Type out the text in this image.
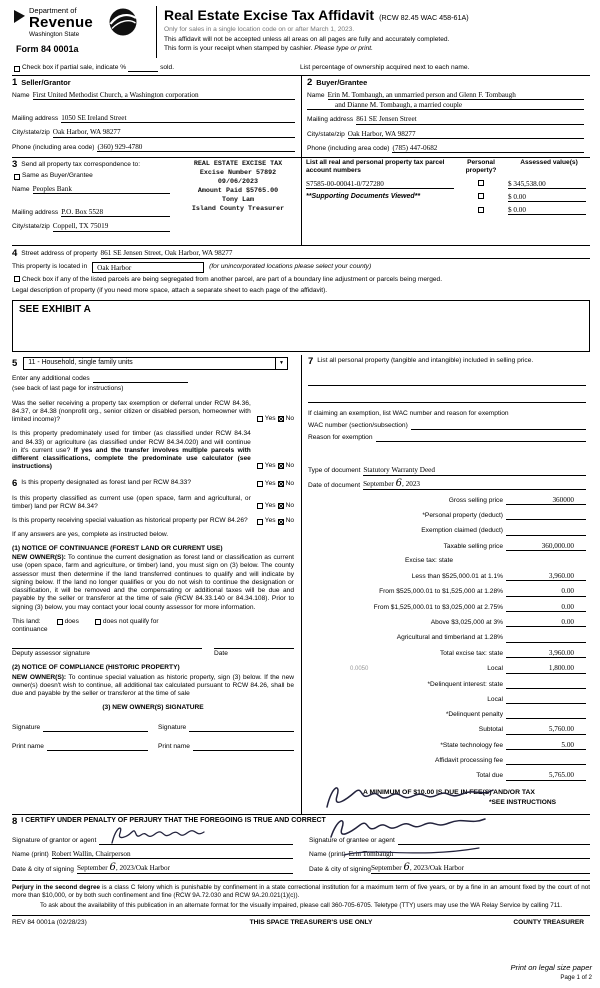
Department of
Revenue
Washington State
Form 84 0001a
Real Estate Excise Tax Affidavit (RCW 82.45 WAC 458-61A)
Only for sales in a single location code on or after March 1, 2023.
This affidavit will not be accepted unless all areas on all pages are fully and accurately completed.
This form is your receipt when stamped by cashier. Please type or print.
Check box if partial sale, indicate %	sold.	List percentage of ownership acquired next to each name.
1 Seller/Grantor
Name First United Methodist Church, a Washington corporation
Mailing address 1050 SE Ireland Street
City/state/zip Oak Harbor, WA 98277
Phone (including area code) (360) 929-4780
2 Buyer/Grantee
Name Erin M. Tombaugh, an unmarried person and Glenn F. Tombaugh
and Dianne M. Tombaugh, a married couple
Mailing address 861 SE Jensen Street
City/state/zip Oak Harbor, WA 98277
Phone (including area code) (785) 447-0682
3 Send all property tax correspondence to:
Same as Buyer/Grantee
Name Peoples Bank
Mailing address P.O. Box 5528
City/state/zip Coppell, TX 75019
REAL ESTATE EXCISE TAX
Excise Number 57892
09/06/2023
Amount Paid $5765.00
Tony Lam
Island County Treasurer
List all real and personal property tax parcel account numbers
Personal property?
Assessed value(s)
S7585-00-00041-0/727280	$ 345,538.00
**Supporting Documents Viewed**	$ 0.00
$ 0.00
4 Street address of property 861 SE Jensen Street, Oak Harbor, WA 98277
This property is located in	Oak Harbor	(for unincorporated locations please select your county)
Check box if any of the listed parcels are being segregated from another parcel, are part of a boundary line adjustment or parcels being merged.
Legal description of property (if you need more space, attach a separate sheet to each page of the affidavit).
SEE EXHIBIT A
5	11 - Household, single family units	▼
Enter any additional codes
(see back of last page for instructions)
Was the seller receiving a property tax exemption or deferral under RCW 84.36, 84.37, or 84.38 (nonprofit org., senior citizen or disabled person, homeowner with limited income)?	Yes No
Is this property predominately used for timber (as classified under RCW 84.34 and 84.33) or agriculture (as classified under RCW 84.34.020) and will continue in it's current use? If yes and the transfer involves multiple parcels with different classifications, complete the predominate use calculator (see instructions)	Yes No
6 Is this property designated as forest land per RCW 84.33?	Yes No
Is this property classified as current use (open space, farm and agricultural, or timber) land per RCW 84.34?	Yes No
Is this property receiving special valuation as historical property per RCW 84.26?	Yes No
If any answers are yes, complete as instructed below.
(1) NOTICE OF CONTINUANCE (FOREST LAND OR CURRENT USE)
NEW OWNER(S): To continue the current designation as forest land or classification as current use (open space, farm and agriculture, or timber) land, you must sign on (3) below. The county assessor must then determine if the land transferred continues to qualify and will indicate by signing below. If the land no longer qualifies or you do not wish to continue the designation or classification, it will be removed and the compensating or additional taxes will be due and payable by the seller or transferor at the time of sale (RCW 84.33.140 or 84.34.108). Prior to signing (3) below, you may contact your local county assessor for more information.
This land:	does	does not qualify for
continuance
Deputy assessor signature	Date
(2) NOTICE OF COMPLIANCE (HISTORIC PROPERTY)
NEW OWNER(S): To continue special valuation as historic property, sign (3) below. If the new owner(s) doesn't wish to continue, all additional tax calculated pursuant to RCW 84.26, shall be due and payable by the seller or transferor at the time of sale
(3) NEW OWNER(S) SIGNATURE
Signature	Signature
Print name	Print name
7 List all personal property (tangible and intangible) included in selling price.
If claiming an exemption, list WAC number and reason for exemption
WAC number (section/subsection)
Reason for exemption
Type of document Statutory Warranty Deed
Date of document September 6, 2023
Gross selling price	360000
*Personal property (deduct)
Exemption claimed (deduct)
Taxable selling price	360,000.00
Excise tax: state
Less than $525,000.01 at 1.1%	3,960.00
From $525,000.01 to $1,525,000 at 1.28%	0.00
From $1,525,000.01 to $3,025,000 at 2.75%	0.00
Above $3,025,000 at 3%	0.00
Agricultural and timberland at 1.28%
Total excise tax: state	3,960.00
0.0050	Local	1,800.00
*Delinquent interest: state
Local
*Delinquent penalty
Subtotal	5,760.00
*State technology fee	5.00
Affidavit processing fee
Total due	5,765.00
A MINIMUM OF $10.00 IS DUE IN FEE(S) AND/OR TAX
*SEE INSTRUCTIONS
8 I CERTIFY UNDER PENALTY OF PERJURY THAT THE FOREGOING IS TRUE AND CORRECT
Signature of grantor or agent
Name (print) Robert Wallin, Chairperson
Date & city of signing September 6, 2023/Oak Harbor
Signature of grantee or agent
Name (print) Erin Tombaugh
Date & city of signing September 6, 2023/Oak Harbor
Perjury in the second degree is a class C felony which is punishable by confinement in a state correctional institution for a maximum term of five years, or by a fine in an amount fixed by the court of not more than $10,000, or by both such confinement and fine (RCW 9A.72.030 and RCW 9A.20.021(1)(c)).
To ask about the availability of this publication in an alternate format for the visually impaired, please call 360-705-6705. Teletype (TTY) users may use the WA Relay Service by calling 711.
REV 84 0001a (02/28/23)	THIS SPACE TREASURER'S USE ONLY	COUNTY TREASURER
Print on legal size paper
Page 1 of 2
